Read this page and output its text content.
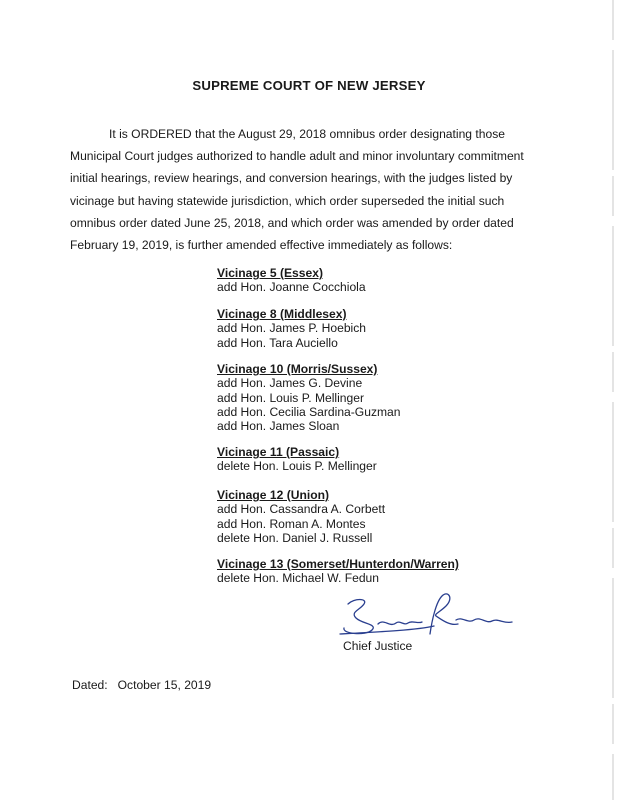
SUPREME COURT OF NEW JERSEY
It is ORDERED that the August 29, 2018 omnibus order designating those Municipal Court judges authorized to handle adult and minor involuntary commitment initial hearings, review hearings, and conversion hearings, with the judges listed by vicinage but having statewide jurisdiction, which order superseded the initial such omnibus order dated June 25, 2018, and which order was amended by order dated February 19, 2019, is further amended effective immediately as follows:
Vicinage 5 (Essex)
add Hon. Joanne Cocchiola
Vicinage 8 (Middlesex)
add Hon. James P. Hoebich
add Hon. Tara Auciello
Vicinage 10 (Morris/Sussex)
add Hon. James G. Devine
add Hon. Louis P. Mellinger
add Hon. Cecilia Sardina-Guzman
add Hon. James Sloan
Vicinage 11 (Passaic)
delete Hon. Louis P. Mellinger
Vicinage 12 (Union)
add Hon. Cassandra A. Corbett
add Hon. Roman A. Montes
delete Hon. Daniel J. Russell
Vicinage 13 (Somerset/Hunterdon/Warren)
delete Hon. Michael W. Fedun
Chief Justice
Dated: October 15, 2019
